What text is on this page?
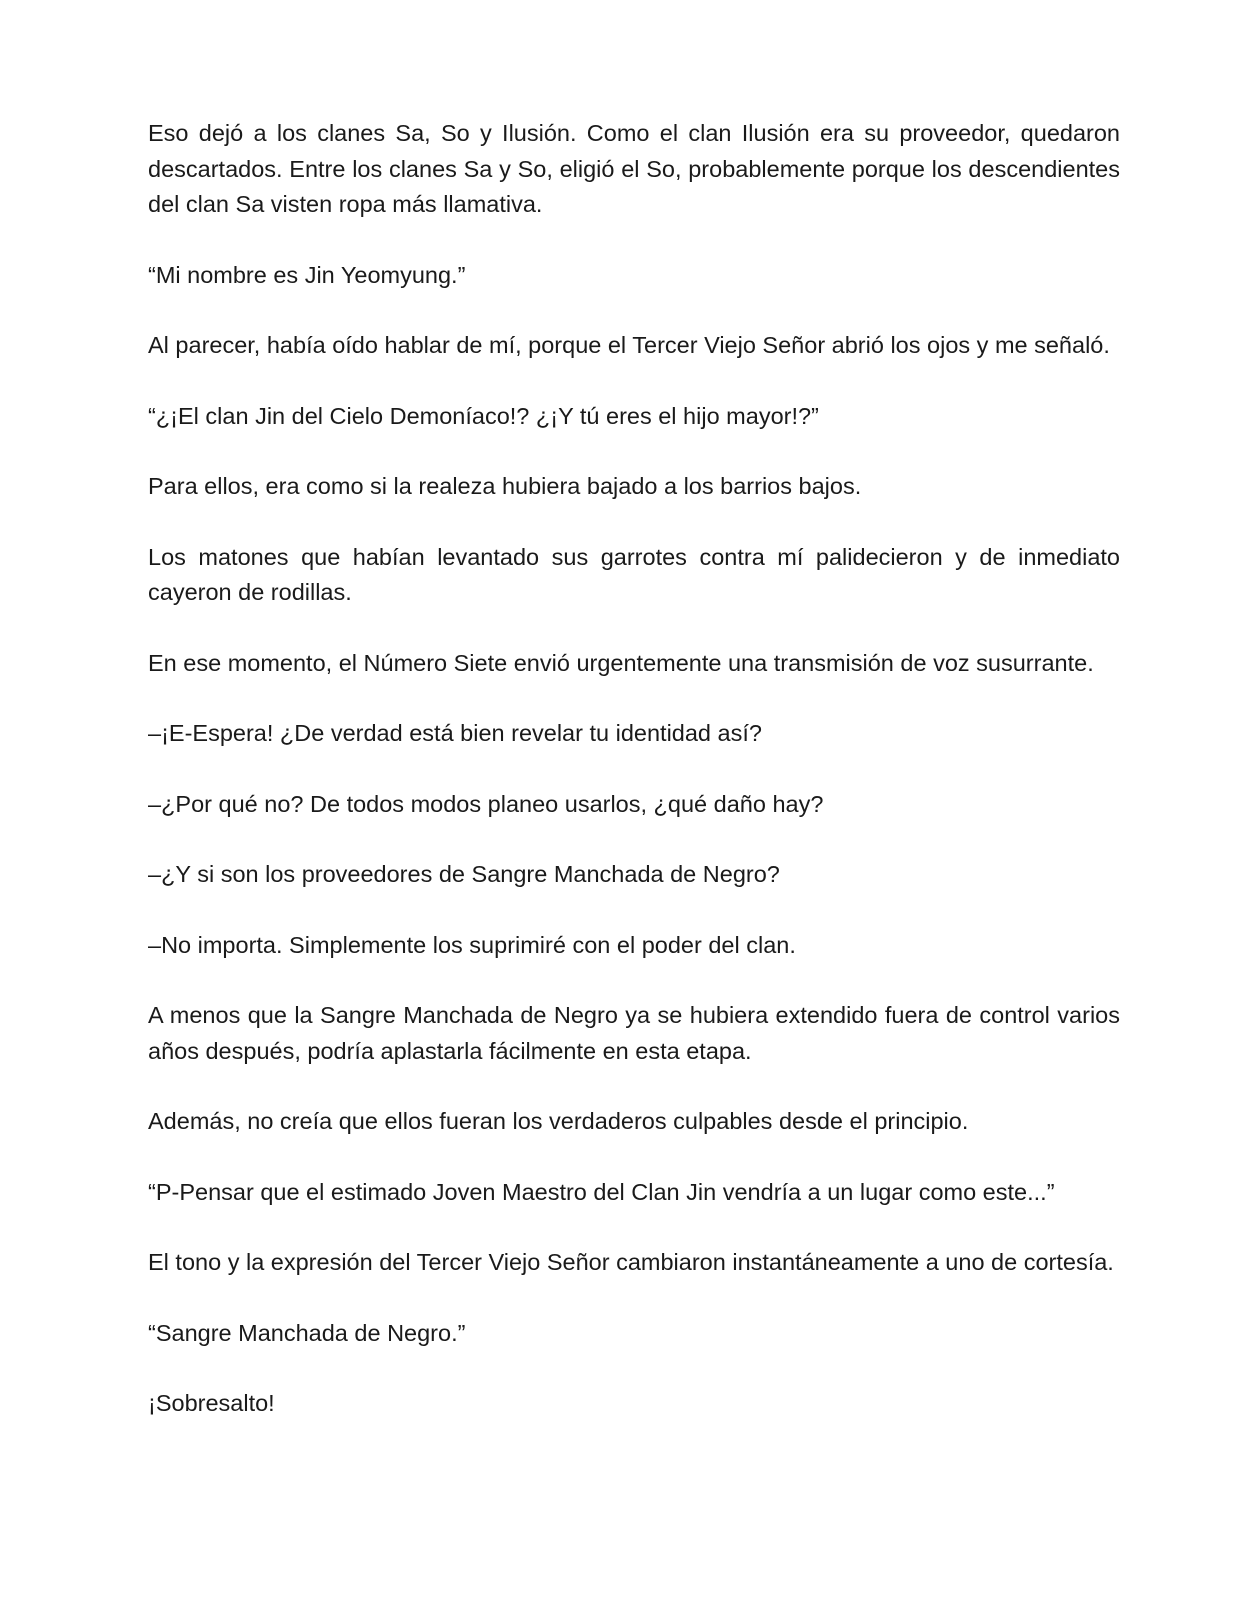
Eso dejó a los clanes Sa, So y Ilusión. Como el clan Ilusión era su proveedor, quedaron descartados. Entre los clanes Sa y So, eligió el So, probablemente porque los descendientes del clan Sa visten ropa más llamativa.

“Mi nombre es Jin Yeomyung.”

Al parecer, había oído hablar de mí, porque el Tercer Viejo Señor abrió los ojos y me señaló.

“¿¡El clan Jin del Cielo Demoníaco!? ¿¡Y tú eres el hijo mayor!?”

Para ellos, era como si la realeza hubiera bajado a los barrios bajos.

Los matones que habían levantado sus garrotes contra mí palidecieron y de inmediato cayeron de rodillas.

En ese momento, el Número Siete envió urgentemente una transmisión de voz susurrante.

–¡E-Espera! ¿De verdad está bien revelar tu identidad así?

–¿Por qué no? De todos modos planeo usarlos, ¿qué daño hay?

–¿Y si son los proveedores de Sangre Manchada de Negro?

–No importa. Simplemente los suprimiré con el poder del clan.

A menos que la Sangre Manchada de Negro ya se hubiera extendido fuera de control varios años después, podría aplastarla fácilmente en esta etapa.

Además, no creía que ellos fueran los verdaderos culpables desde el principio.

“P-Pensar que el estimado Joven Maestro del Clan Jin vendría a un lugar como este...”

El tono y la expresión del Tercer Viejo Señor cambiaron instantáneamente a uno de cortesía.

“Sangre Manchada de Negro.”

¡Sobresalto!
